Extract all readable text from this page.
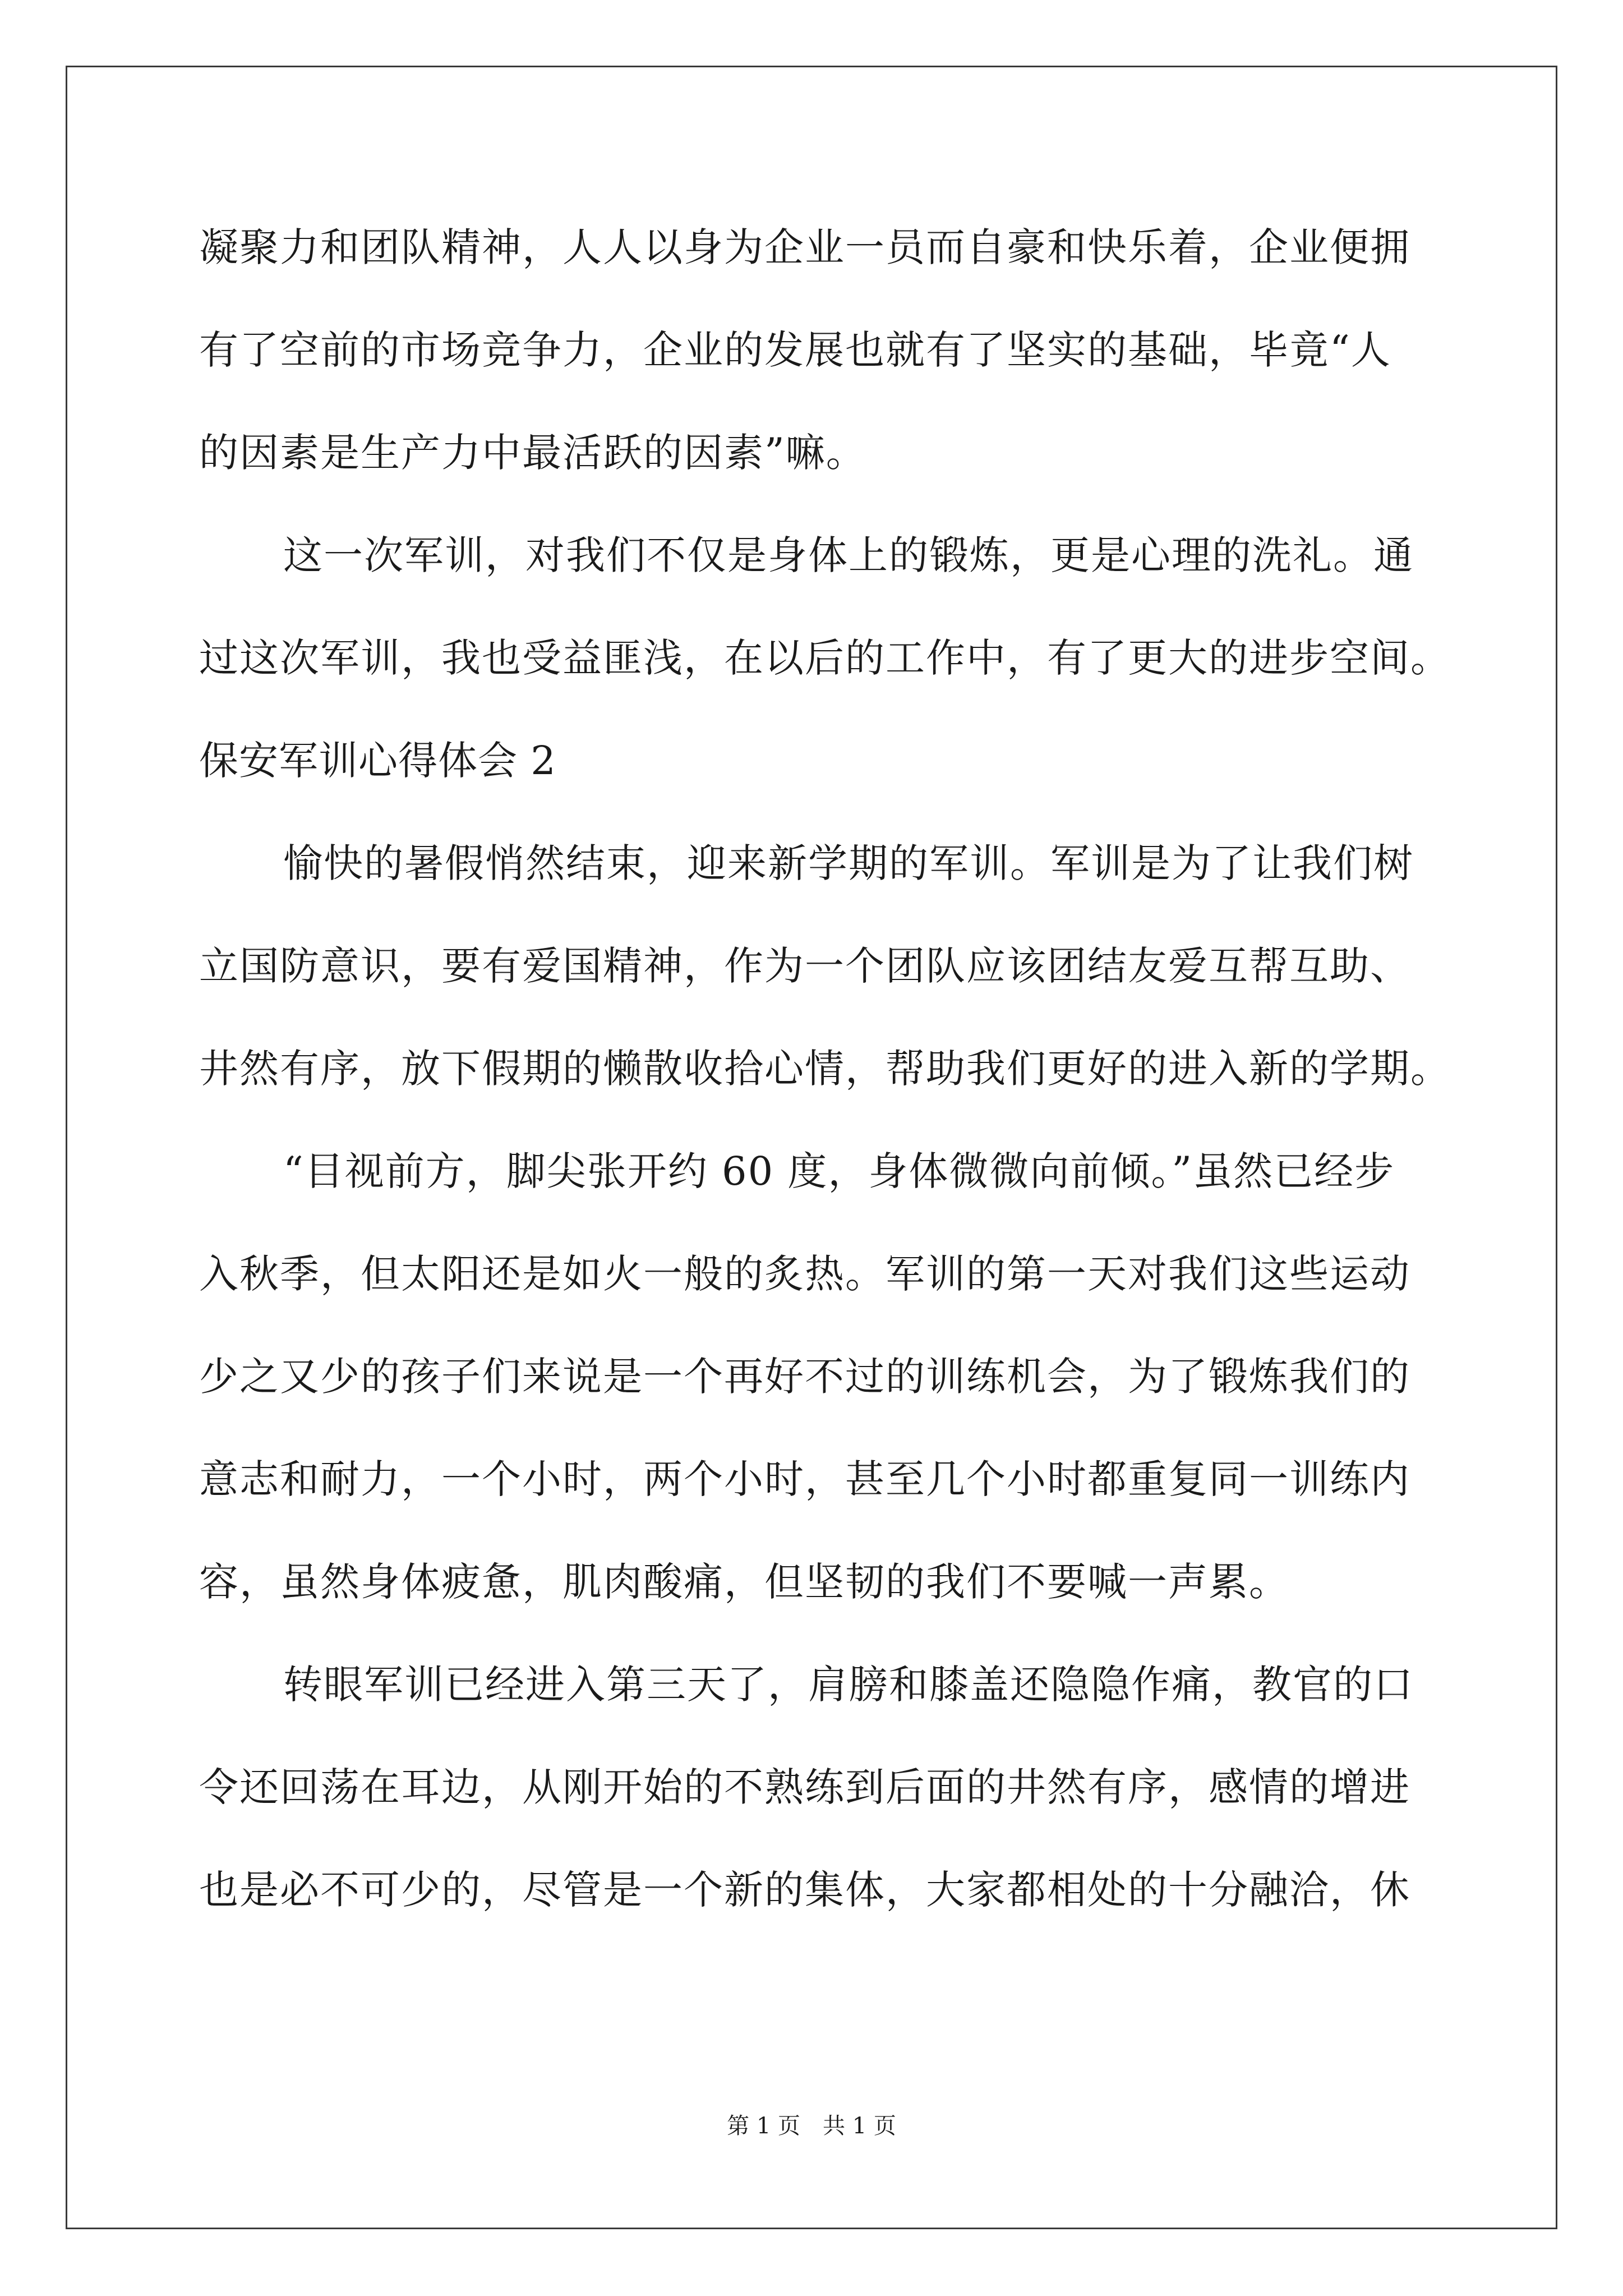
凝聚力和团队精神，人人以身为企业一员而自豪和快乐着，企业便拥
有了空前的市场竞争力，企业的发展也就有了坚实的基础，毕竟“人
的因素是生产力中最活跃的因素”嘛。
这一次军训，对我们不仅是身体上的锻炼，更是心理的洗礼。通
过这次军训，我也受益匪浅，在以后的工作中，有了更大的进步空间。
保安军训心得体会 2
愉快的暑假悄然结束，迎来新学期的军训。军训是为了让我们树
立国防意识，要有爱国精神，作为一个团队应该团结友爱互帮互助、
井然有序，放下假期的懒散收拾心情，帮助我们更好的进入新的学期。
“目视前方，脚尖张开约 60 度，身体微微向前倾。”虽然已经步
入秋季，但太阳还是如火一般的炙热。军训的第一天对我们这些运动
少之又少的孩子们来说是一个再好不过的训练机会，为了锻炼我们的
意志和耐力，一个小时，两个小时，甚至几个小时都重复同一训练内
容，虽然身体疲惫，肌肉酸痛，但坚韧的我们不要喊一声累。
转眼军训已经进入第三天了，肩膀和膝盖还隐隐作痛，教官的口
令还回荡在耳边，从刚开始的不熟练到后面的井然有序，感情的增进
也是必不可少的，尽管是一个新的集体，大家都相处的十分融洽，休
第 1 页　共 1 页
